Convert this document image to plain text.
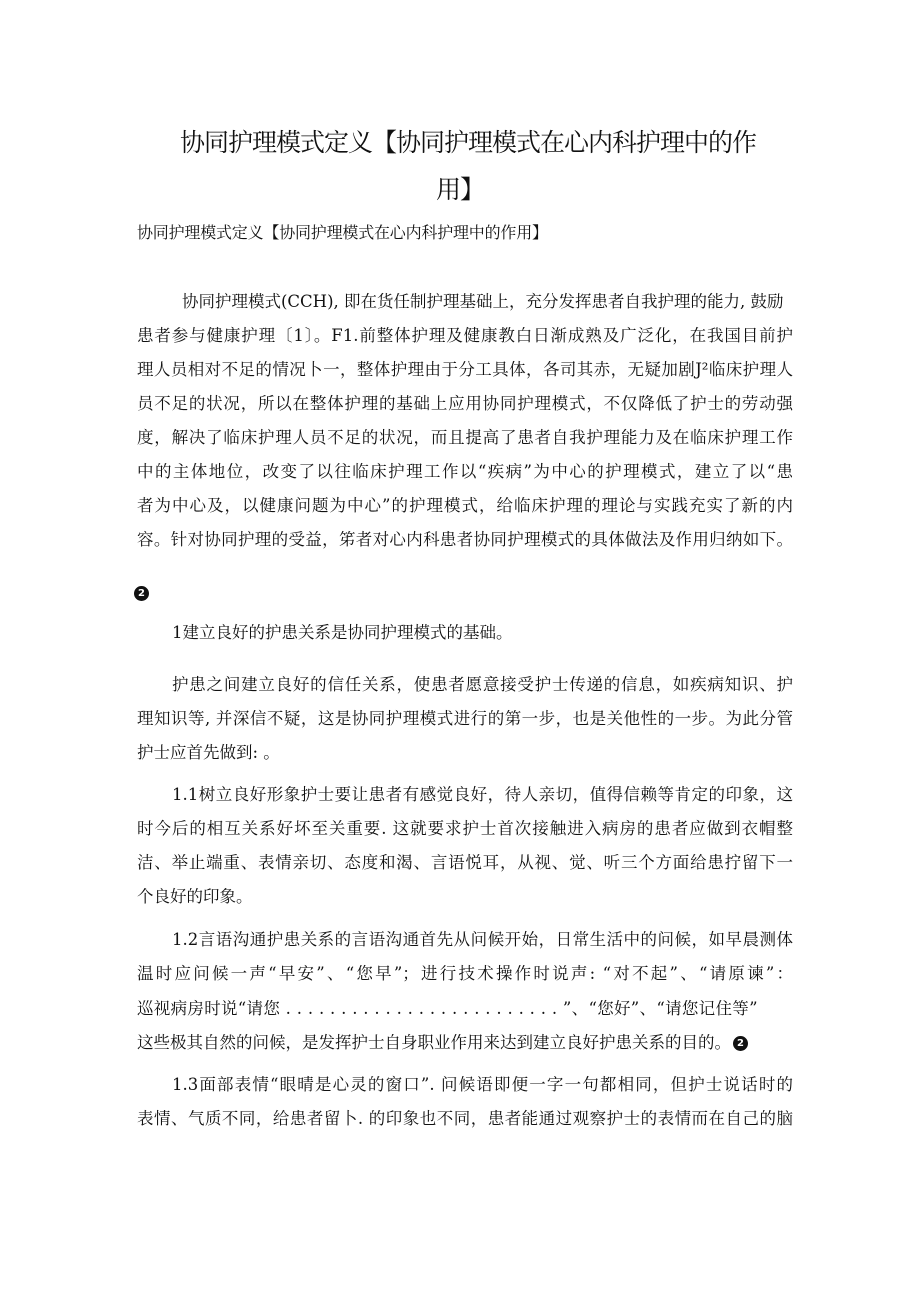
协同护理模式定义【协同护理模式在心内科护理中的作
用】
协同护理模式定义【协同护理模式在心内科护理中的作用】

协同护理模式(CCH), 即在货任制护理基础上，充分发挥患者自我护理的能力, 鼓励

患者参与健康护理〔1〕。F1.前整体护理及健康教白日渐成熟及广泛化，在我国目前护

理人员相对不足的情况卜一，整体护理由于分工具体，各司其赤，无疑加剧J²临床护理人

员不足的状况，所以在整体护理的基础上应用协同护理模式，不仅降低了护士的劳动强

度，解决了临床护理人员不足的状况，而且提高了患者自我护理能力及在临床护理工作

中的主体地位，改变了以往临床护理工作以“疾病”为中心的护理模式，建立了以“患

者为中心及，以健康问题为中心”的护理模式，给临床护理的理论与实践充实了新的内

容。针对协同护理的受益，笫者对心内科患者协同护理模式的具体做法及作用归纳如下。

2

1建立良好的护患关系是协同护理模式的基础。

护患之间建立良好的信任关系，使患者愿意接受护士传递的信息，如疾病知识、护

理知识等, 并深信不疑，这是协同护理模式进行的第一步，也是关他性的一步。为此分管

护士应首先做到: 。

1.1树立良好形象护士要让患者有感觉良好，待人亲切，值得信赖等肯定的印象，这

时今后的相互关系好坏至关重要. 这就要求护士首次接触进入病房的患者应做到衣帽整

洁、举止端重、表情亲切、态度和渴、言语悦耳，从视、觉、听三个方面给患拧留下一

个良好的印象。

1.2言语沟通护患关系的言语沟通首先从问候开始，日常生活中的问候，如早晨测体

温时应问候一声“早安”、“您早”；进行技术操作时说声: “对不起”、“请原谏”：

巡视病房时说“请您 . . . . . . . . . . . . . . . . . . . . . . . . . ”、“您好”、“请您记住等”

这些极其自然的问候，是发挥护士自身职业作用来达到建立良好护患关系的目的。 2

1.3面部表情“眼晴是心灵的窗口”. 问候语即便一字一句都相同，但护士说话时的

表情、气质不同，给患者留卜. 的印象也不同，患者能通过观察护士的表情而在自己的脑
